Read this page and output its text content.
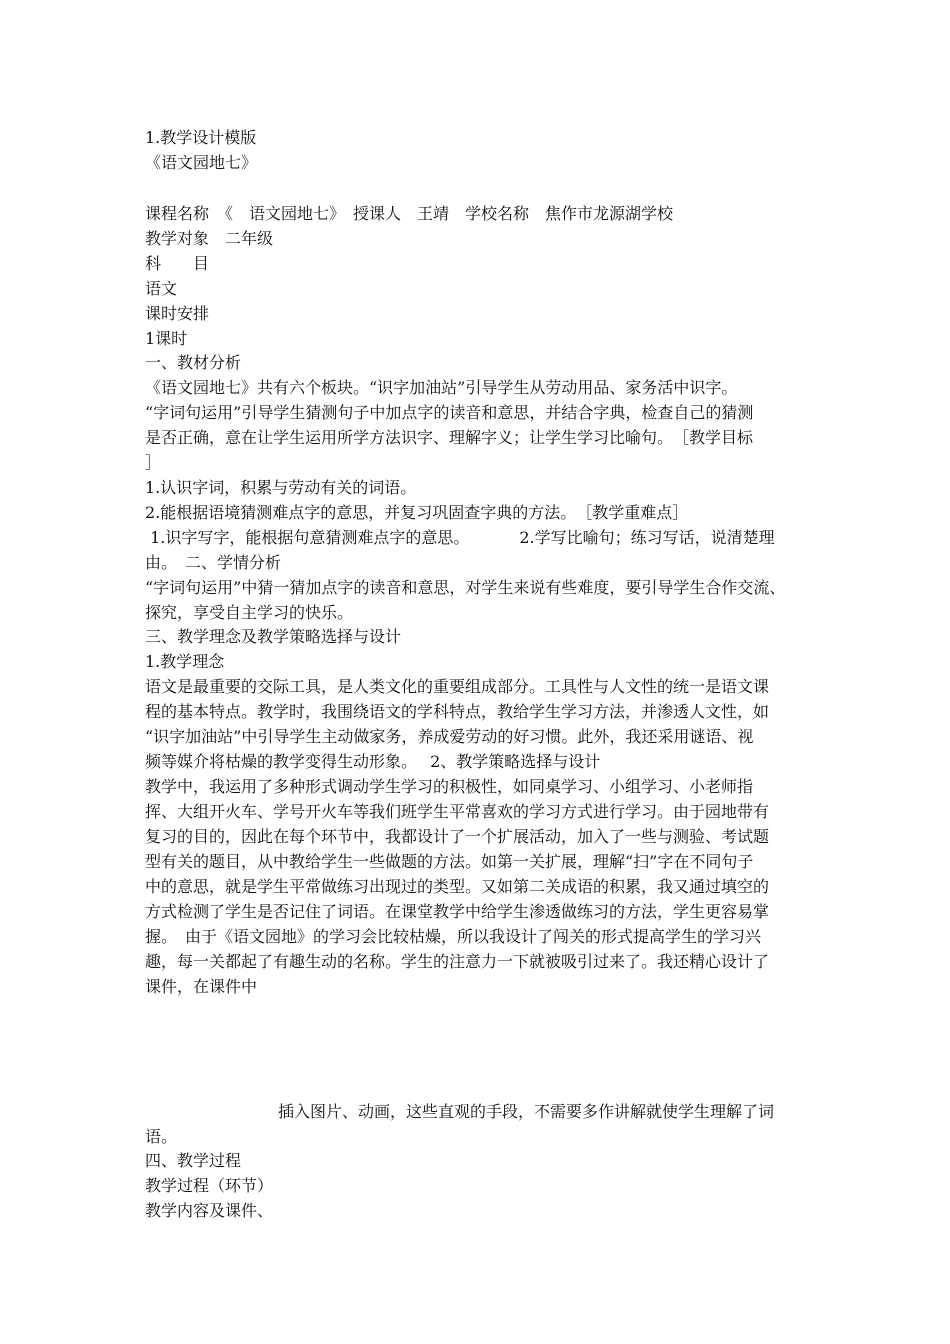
1.教学设计模版
《语文园地七》
课程名称　《　语文园地七》　授课人　王靖　学校名称　焦作市龙源湖学校
教学对象　二年级
科　　目
语文
课时安排
1课时
一、教材分析
《语文园地七》共有六个板块。“识字加油站”引导学生从劳动用品、家务活中识字。
“字词句运用”引导学生猜测句子中加点字的读音和意思，并结合字典，检查自己的猜测
是否正确，意在让学生运用所学方法识字、理解字义；让学生学习比喻句。　［教学目标
］
1.认识字词，积累与劳动有关的词语。
2.能根据语境猜测难点字的意思，并复习巩固查字典的方法。　［教学重难点］
1.识字写字，能根据句意猜测难点字的意思。	2.学写比喻句；练习写话，说清楚理
由。　二、学情分析
“字词句运用”中猜一猜加点字的读音和意思，对学生来说有些难度，要引导学生合作交流、
探究，享受自主学习的快乐。
三、教学理念及教学策略选择与设计
1.教学理念
语文是最重要的交际工具，是人类文化的重要组成部分。工具性与人文性的统一是语文课
程的基本特点。教学时，我围绕语文的学科特点，教给学生学习方法，并渗透人文性，如
“识字加油站”中引导学生主动做家务，养成爱劳动的好习惯。此外，我还采用谜语、视
频等媒介将枯燥的教学变得生动形象。　 2、教学策略选择与设计
教学中，我运用了多种形式调动学生学习的积极性，如同桌学习、小组学习、小老师指
挥、大组开火车、学号开火车等我们班学生平常喜欢的学习方式进行学习。由于园地带有
复习的目的，因此在每个环节中，我都设计了一个扩展活动，加入了一些与测验、考试题
型有关的题目，从中教给学生一些做题的方法。如第一关扩展，理解“扫”字在不同句子
中的意思，就是学生平常做练习出现过的类型。又如第二关成语的积累，我又通过填空的
方式检测了学生是否记住了词语。在课堂教学中给学生渗透做练习的方法，学生更容易掌
握。　由于《语文园地》的学习会比较枯燥，所以我设计了闯关的形式提高学生的学习兴
趣，每一关都起了有趣生动的名称。学生的注意力一下就被吸引过来了。我还精心设计了
课件，在课件中
插入图片、动画，这些直观的手段，不需要多作讲解就使学生理解了词
语。
四、教学过程
教学过程（环节）
教学内容及课件、
